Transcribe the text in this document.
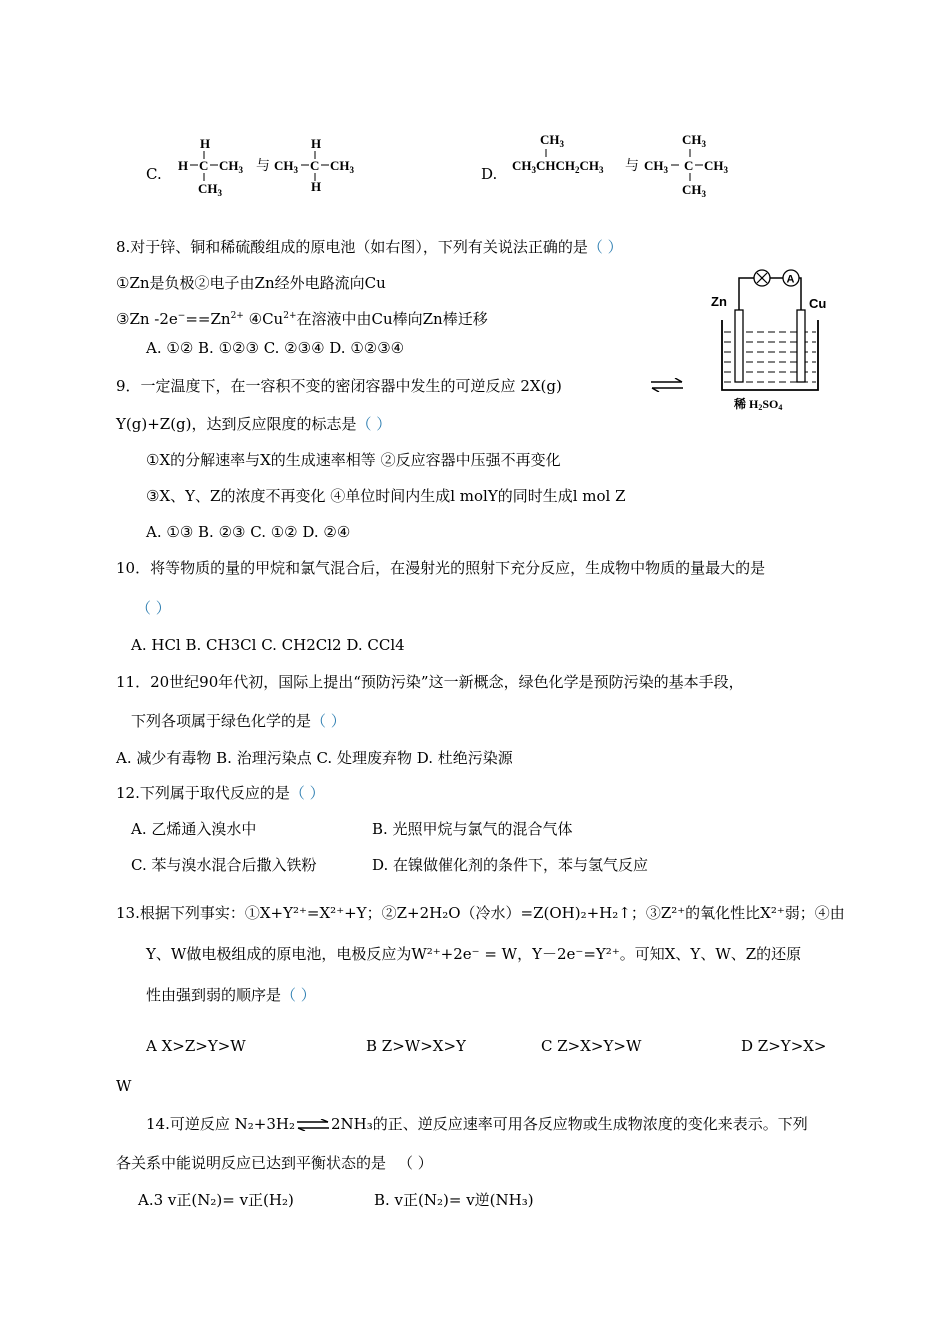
C.
H
H C $CH_3$
$CH_3$
与
H
$CH_3$ C $CH_3$
H
D.
$CH_3$
$CH_3CHCH_2CH_3$ 与
$CH_3$
$CH_3$ C $CH_3$
$CH_3$
8.对于锌、铜和稀硫酸组成的原电池（如右图），下列有关说法正确的是（ ）
①Zn是负极②电子由Zn经外电路流向Cu
③Zn $-2e^-==Zn^{2+}$ $④Cu^{2+}$在溶液中由Cu棒向Zn棒迁移
A. ①② B. ①②③ C. ②③④ D. ①②③④
A
Zn	Cu
稀 H2SO4
9．一定温度下，在一容积不变的密闭容器中发生的可逆反应 2X(g)
Y(g)+Z(g)，达到反应限度的标志是（ ）
①X的分解速率与X的生成速率相等 ②反应容器中压强不再变化
③X、Y、Z的浓度不再变化 ④单位时间内生成l molY的同时生成l mol Z
A. ①③ B. ②③ C. ①② D. ②④
10．将等物质的量的甲烷和氯气混合后，在漫射光的照射下充分反应，生成物中物质的量最大的是
（ ）
A. HCl B. CH3Cl C. CH2Cl2 D. CCl4
11．20世纪90年代初，国际上提出“预防污染”这一新概念，绿色化学是预防污染的基本手段，
下列各项属于绿色化学的是（ ）
A. 减少有毒物 B. 治理污染点 C. 处理废弃物 D. 杜绝污染源
12.下列属于取代反应的是（ ）
A. 乙烯通入溴水中	B. 光照甲烷与氯气的混合气体
C. 苯与溴水混合后撒入铁粉	D. 在镍做催化剂的条件下，苯与氢气反应
13.根据下列事实：①X+Y²⁺=X²⁺+Y；②Z+2H₂O（冷水）=Z(OH)₂+H₂↑；③Z²⁺的氧化性比X²⁺弱；④由
Y、W做电极组成的原电池，电极反应为W²⁺+2e⁻ = W，Y－2e⁻=Y²⁺。可知X、Y、W、Z的还原
性由强到弱的顺序是（ ）
A X>Z>Y>W	B Z>W>X>Y	C Z>X>Y>W	D Z>Y>X>
W
14.可逆反应 N₂+3H₂⇌2NH₃的正、逆反应速率可用各反应物或生成物浓度的变化来表示。下列
各关系中能说明反应已达到平衡状态的是 （ ）
A.3 v正(N₂)= v正(H₂)	B. v正(N₂)= v逆(NH₃)
